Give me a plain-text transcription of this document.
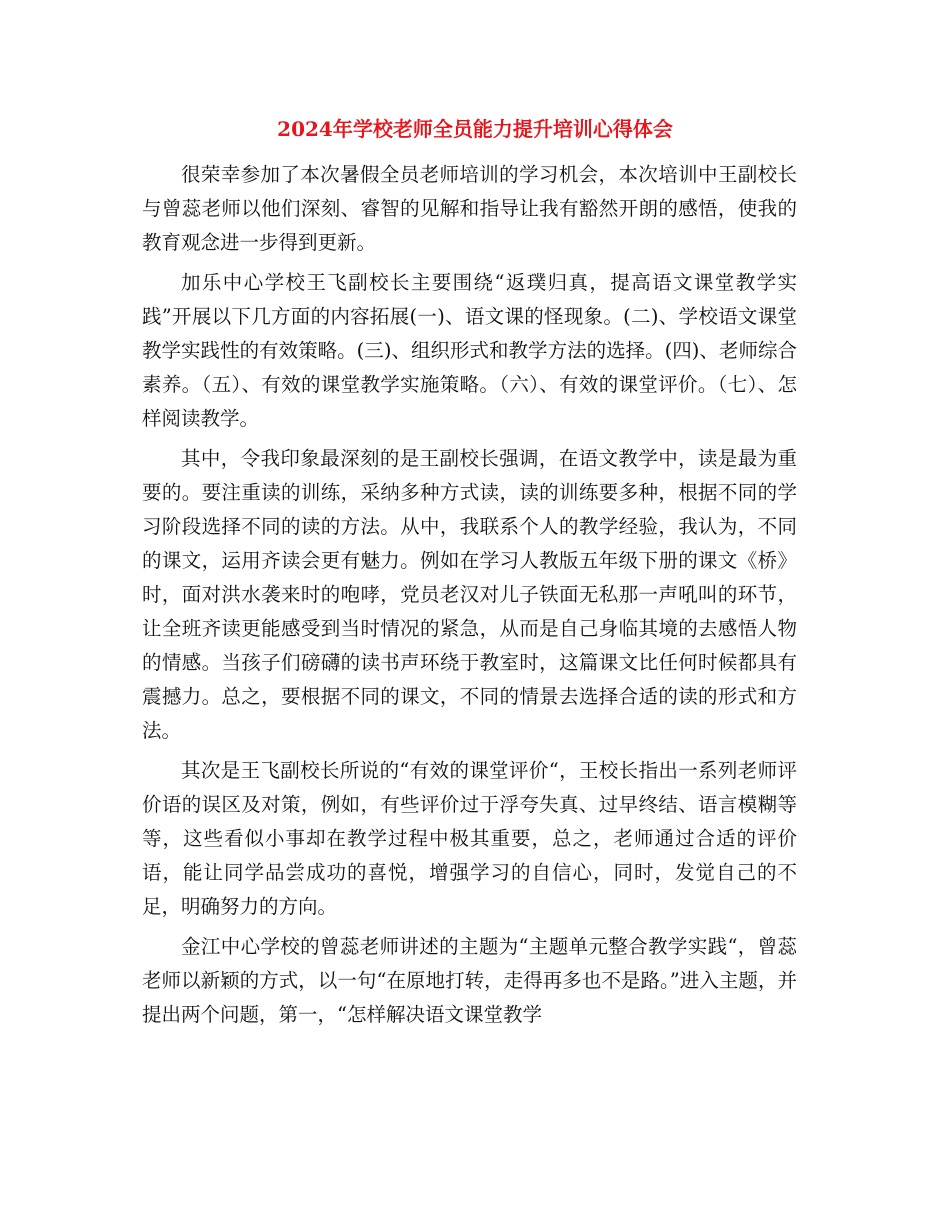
2024年学校老师全员能力提升培训心得体会

很荣幸参加了本次暑假全员老师培训的学习机会，本次培训中王副校长与曾蕊老师以他们深刻、睿智的见解和指导让我有豁然开朗的感悟，使我的教育观念进一步得到更新。

加乐中心学校王飞副校长主要围绕“返璞归真，提高语文课堂教学实践”开展以下几方面的内容拓展(一)、语文课的怪现象。(二)、学校语文课堂教学实践性的有效策略。(三)、组织形式和教学方法的选择。(四)、老师综合素养。（五）、有效的课堂教学实施策略。（六）、有效的课堂评价。（七）、怎样阅读教学。

其中，令我印象最深刻的是王副校长强调，在语文教学中，读是最为重要的。要注重读的训练，采纳多种方式读，读的训练要多种，根据不同的学习阶段选择不同的读的方法。从中，我联系个人的教学经验，我认为，不同的课文，运用齐读会更有魅力。例如在学习人教版五年级下册的课文《桥》时，面对洪水袭来时的咆哮，党员老汉对儿子铁面无私那一声吼叫的环节，让全班齐读更能感受到当时情况的紧急，从而是自己身临其境的去感悟人物的情感。当孩子们磅礴的读书声环绕于教室时，这篇课文比任何时候都具有震撼力。总之，要根据不同的课文，不同的情景去选择合适的读的形式和方法。

其次是王飞副校长所说的“有效的课堂评价“，王校长指出一系列老师评价语的误区及对策，例如，有些评价过于浮夸失真、过早终结、语言模糊等等，这些看似小事却在教学过程中极其重要，总之，老师通过合适的评价语，能让同学品尝成功的喜悦，增强学习的自信心，同时，发觉自己的不足，明确努力的方向。

金江中心学校的曾蕊老师讲述的主题为“主题单元整合教学实践“，曾蕊老师以新颖的方式，以一句“在原地打转，走得再多也不是路。”进入主题，并提出两个问题，第一，“怎样解决语文课堂教学
